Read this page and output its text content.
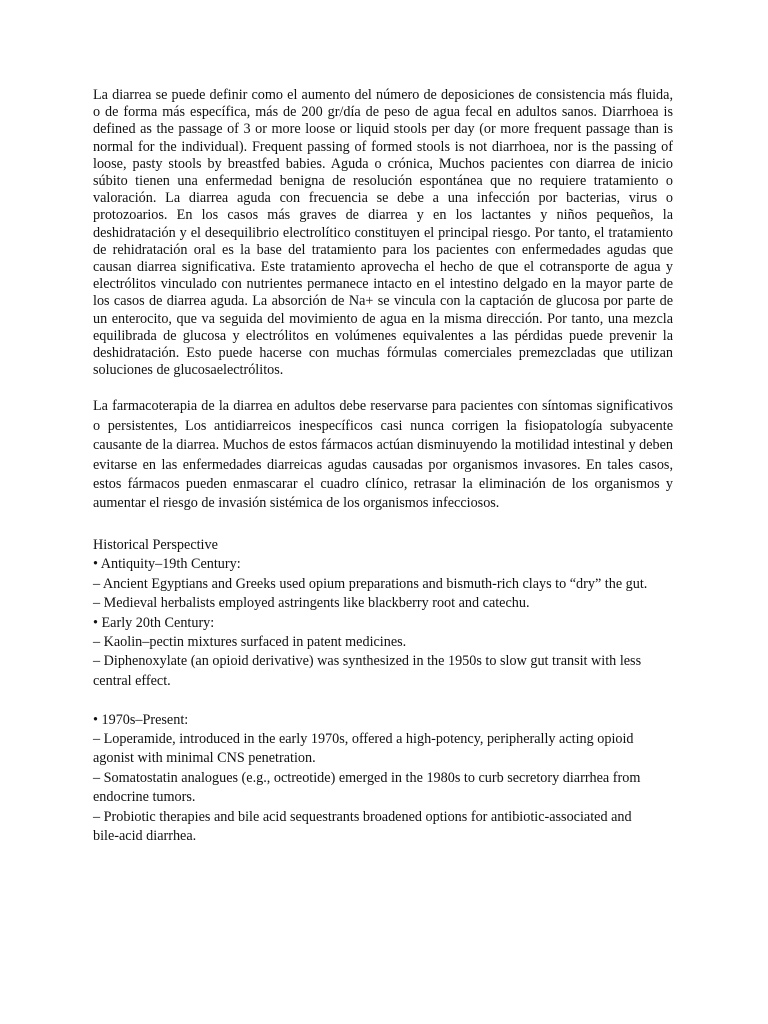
La diarrea se puede definir como el aumento del número de deposiciones de consistencia más fluida, o de forma más específica, más de 200 gr/día de peso de agua fecal en adultos sanos. Diarrhoea is defined as the passage of 3 or more loose or liquid stools per day (or more frequent passage than is normal for the individual). Frequent passing of formed stools is not diarrhoea, nor is the passing of loose, pasty stools by breastfed babies. Aguda o crónica, Muchos pacientes con diarrea de inicio súbito tienen una enfermedad benigna de resolución espontánea que no requiere tratamiento o valoración. La diarrea aguda con frecuencia se debe a una infección por bacterias, virus o protozoarios. En los casos más graves de diarrea y en los lactantes y niños pequeños, la deshidratación y el desequilibrio electrolítico constituyen el principal riesgo. Por tanto, el tratamiento de rehidratación oral es la base del tratamiento para los pacientes con enfermedades agudas que causan diarrea significativa. Este tratamiento aprovecha el hecho de que el cotransporte de agua y electrólitos vinculado con nutrientes permanece intacto en el intestino delgado en la mayor parte de los casos de diarrea aguda. La absorción de Na+ se vincula con la captación de glucosa por parte de un enterocito, que va seguida del movimiento de agua en la misma dirección. Por tanto, una mezcla equilibrada de glucosa y electrólitos en volúmenes equivalentes a las pérdidas puede prevenir la deshidratación. Esto puede hacerse con muchas fórmulas comerciales premezcladas que utilizan soluciones de glucosaelectrólitos.

La farmacoterapia de la diarrea en adultos debe reservarse para pacientes con síntomas significativos o persistentes, Los antidiarreicos inespecíficos casi nunca corrigen la fisiopatología subyacente causante de la diarrea. Muchos de estos fármacos actúan disminuyendo la motilidad intestinal y deben evitarse en las enfermedades diarreicas agudas causadas por organismos invasores. En tales casos, estos fármacos pueden enmascarar el cuadro clínico, retrasar la eliminación de los organismos y aumentar el riesgo de invasión sistémica de los organismos infecciosos.

Historical Perspective

• Antiquity–19th Century:

– Ancient Egyptians and Greeks used opium preparations and bismuth-rich clays to “dry” the gut.

– Medieval herbalists employed astringents like blackberry root and catechu.

• Early 20th Century:

– Kaolin–pectin mixtures surfaced in patent medicines.

– Diphenoxylate (an opioid derivative) was synthesized in the 1950s to slow gut transit with less central effect.

• 1970s–Present:

– Loperamide, introduced in the early 1970s, offered a high‑potency, peripherally acting opioid agonist with minimal CNS penetration.

– Somatostatin analogues (e.g., octreotide) emerged in the 1980s to curb secretory diarrhea from endocrine tumors.

– Probiotic therapies and bile acid sequestrants broadened options for antibiotic‑associated and bile‑acid diarrhea.
